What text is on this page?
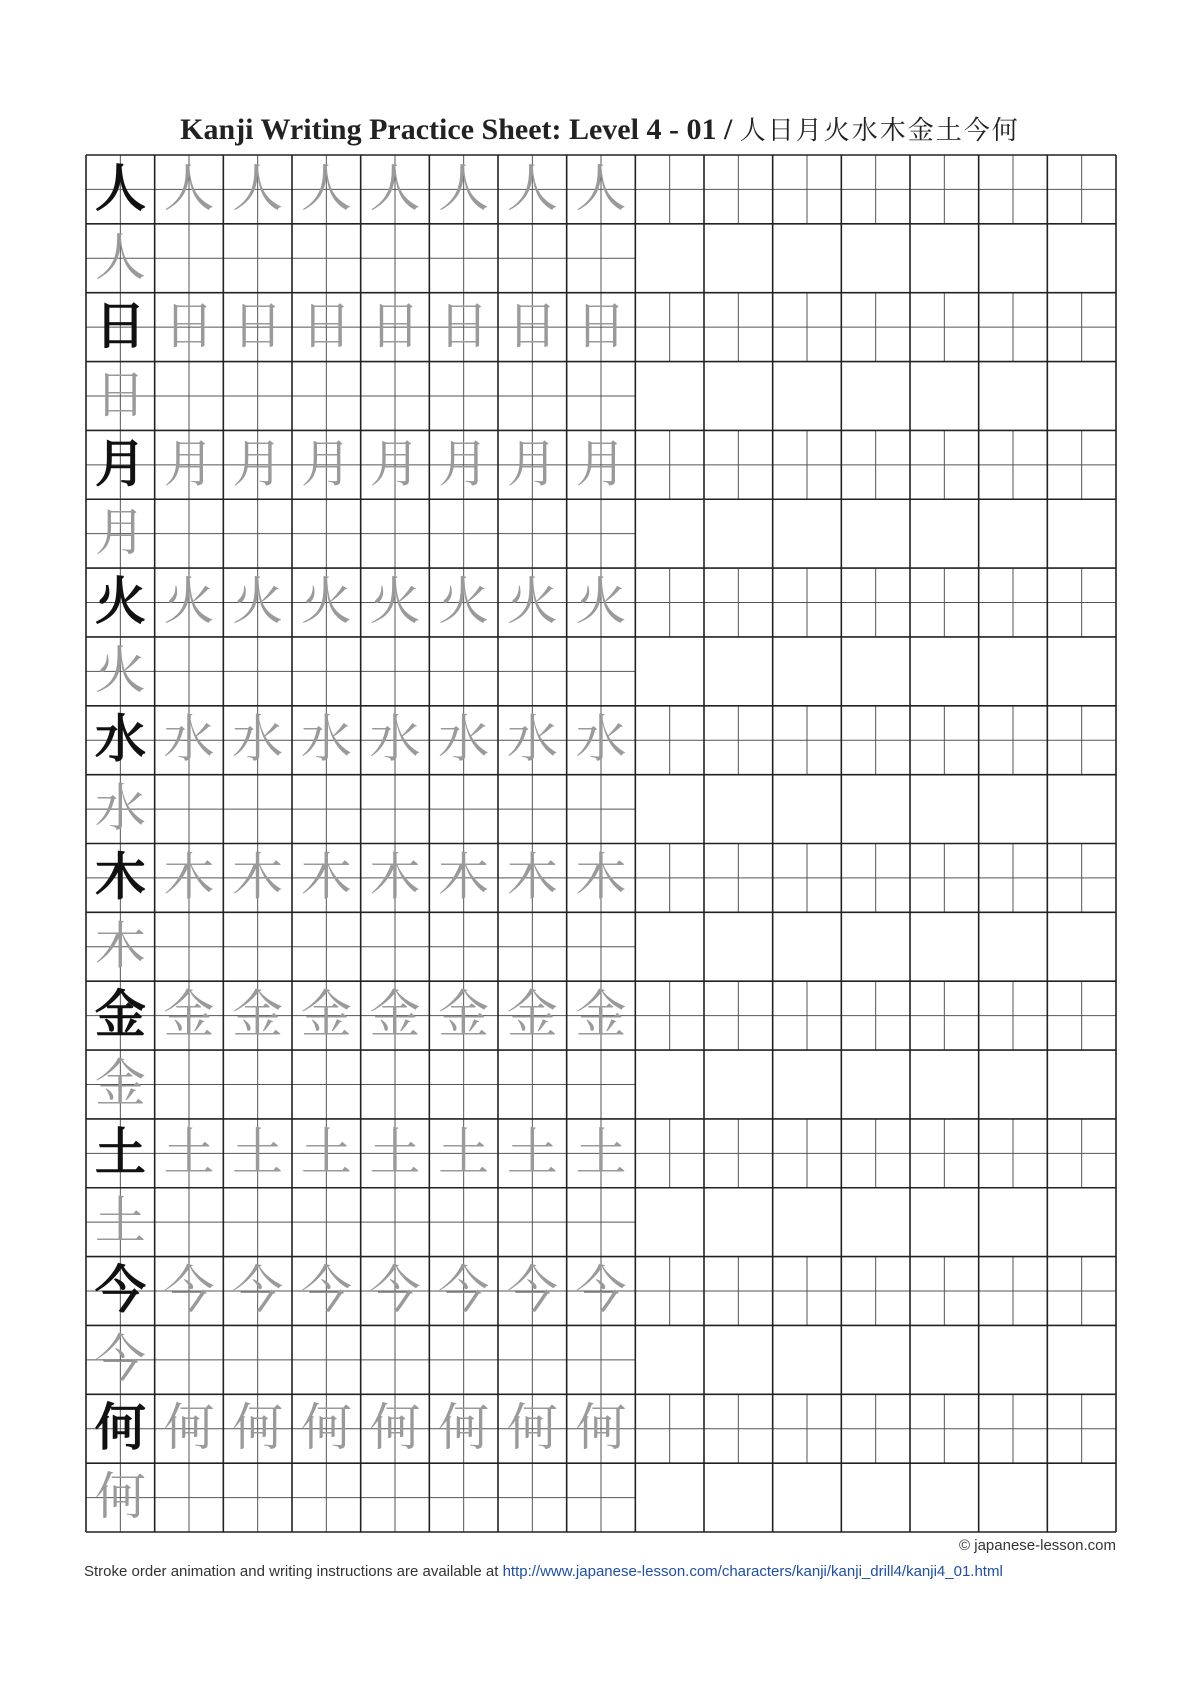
Kanji Writing Practice Sheet: Level 4 - 01 / 人日月火水木金土今何
人 人 人 人 人 人 人 人
人
日 日 日 日 日 日 日 日
日
月 月 月 月 月 月 月 月
月
火 火 火 火 火 火 火 火
火
水 水 水 水 水 水 水 水
水
木 木 木 木 木 木 木 木
木
金 金 金 金 金 金 金 金
金
土 土 土 土 土 土 土 土
土
今 今 今 今 今 今 今 今
今
何 何 何 何 何 何 何 何
何
© japanese-lesson.com
Stroke order animation and writing instructions are available at http://www.japanese-lesson.com/characters/kanji/kanji_drill4/kanji4_01.html
